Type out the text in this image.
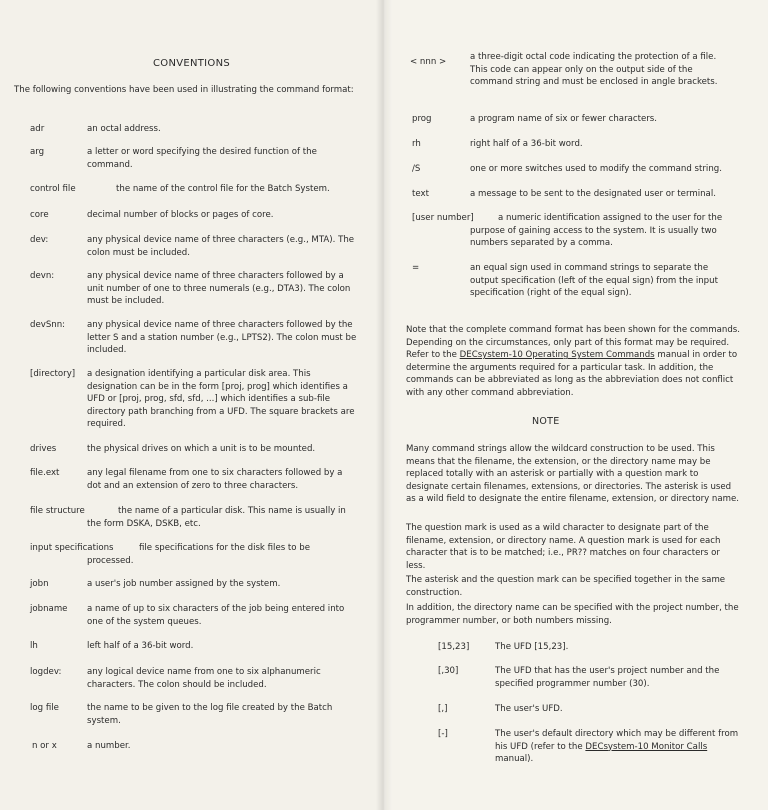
CONVENTIONS
The following conventions have been used in illustrating the command format:
adr	an octal address.
arg	a letter or word specifying the desired function of the command.
control file	the name of the control file for the Batch System.
core	decimal number of blocks or pages of core.
dev:	any physical device name of three characters (e.g., MTA). The colon must be included.
devn:	any physical device name of three characters followed by a unit number of one to three numerals (e.g., DTA3). The colon must be included.
devSnn:	any physical device name of three characters followed by the letter S and a station number (e.g., LPTS2). The colon must be included.
[directory] a designation identifying a particular disk area. This designation can be in the form [proj, prog] which identifies a UFD or [proj, prog, sfd, sfd, ...] which identifies a sub-file directory path branching from a UFD. The square brackets are required.
drives	the physical drives on which a unit is to be mounted.
file.ext	any legal filename from one to six characters followed by a dot and an extension of zero to three characters.
file structure	the name of a particular disk. This name is usually in the form DSKA, DSKB, etc.
input specifications	file specifications for the disk files to be processed.
jobn	a user's job number assigned by the system.
jobname a name of up to six characters of the job being entered into one of the system queues.
lh	left half of a 36-bit word.
logdev:	any logical device name from one to six alphanumeric characters. The colon should be included.
log file	the name to be given to the log file created by the Batch system.
n or x	a number.
< nnn >	a three-digit octal code indicating the protection of a file. This code can appear only on the output side of the command string and must be enclosed in angle brackets.
prog	a program name of six or fewer characters.
rh	right half of a 36-bit word.
/S	one or more switches used to modify the command string.
text	a message to be sent to the designated user or terminal.
[user number]	a numeric identification assigned to the user for the purpose of gaining access to the system. It is usually two numbers separated by a comma.
=	an equal sign used in command strings to separate the output specification (left of the equal sign) from the input specification (right of the equal sign).
Note that the complete command format has been shown for the commands. Depending on the circumstances, only part of this format may be required. Refer to the DECsystem-10 Operating System Commands manual in order to determine the arguments required for a particular task. In addition, the commands can be abbreviated as long as the abbreviation does not conflict with any other command abbreviation.
NOTE
Many command strings allow the wildcard construction to be used. This means that the filename, the extension, or the directory name may be replaced totally with an asterisk or partially with a question mark to designate certain filenames, extensions, or directories. The asterisk is used as a wild field to designate the entire filename, extension, or directory name.
The question mark is used as a wild character to designate part of the filename, extension, or directory name. A question mark is used for each character that is to be matched; i.e., PR?? matches on four characters or less.
The asterisk and the question mark can be specified together in the same construction.
In addition, the directory name can be specified with the project number, the programmer number, or both numbers missing.
[15,23]	The UFD [15,23].
[,30]	The UFD that has the user's project number and the specified programmer number (30).
[,]	The user's UFD.
[-]	The user's default directory which may be different from his UFD (refer to the DECsystem-10 Monitor Calls manual).
